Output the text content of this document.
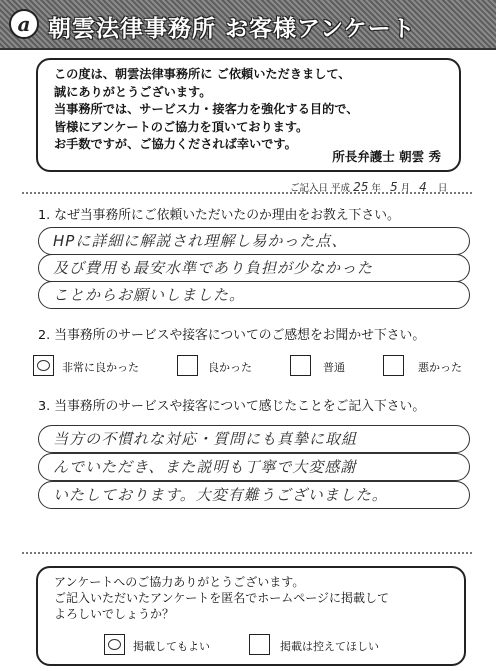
a 朝雲法律事務所 お客様アンケート
この度は、朝雲法律事務所に ご依頼いただきまして、
誠にありがとうございます。
当事務所では、サービス力・接客力を強化する目的で、
皆様にアンケートのご協力を頂いております。
お手数ですが、ご協力くだされば幸いです。
所長弁護士 朝雲 秀
ご記入日 平成 25 年 5 月 4 日
1. なぜ当事務所にご依頼いただいたのか理由をお教え下さい。
HPに詳細に解説され理解し易かった点、
及び費用も最安水準であり負担が少なかった
ことからお願いしました。
2. 当事務所のサービスや接客についてのご感想をお聞かせ下さい。
非常に良かった	良かった	普通	悪かった
3. 当事務所のサービスや接客について感じたことをご記入下さい。
当方の不慣れな対応・質問にも真摯に取組
んでいただき、また説明も丁寧で大変感謝
いたしております。大変有難うございました。
アンケートへのご協力ありがとうございます。
ご記入いただいたアンケートを匿名でホームページに掲載して
よろしいでしょうか？
掲載してもよい	掲載は控えてほしい
